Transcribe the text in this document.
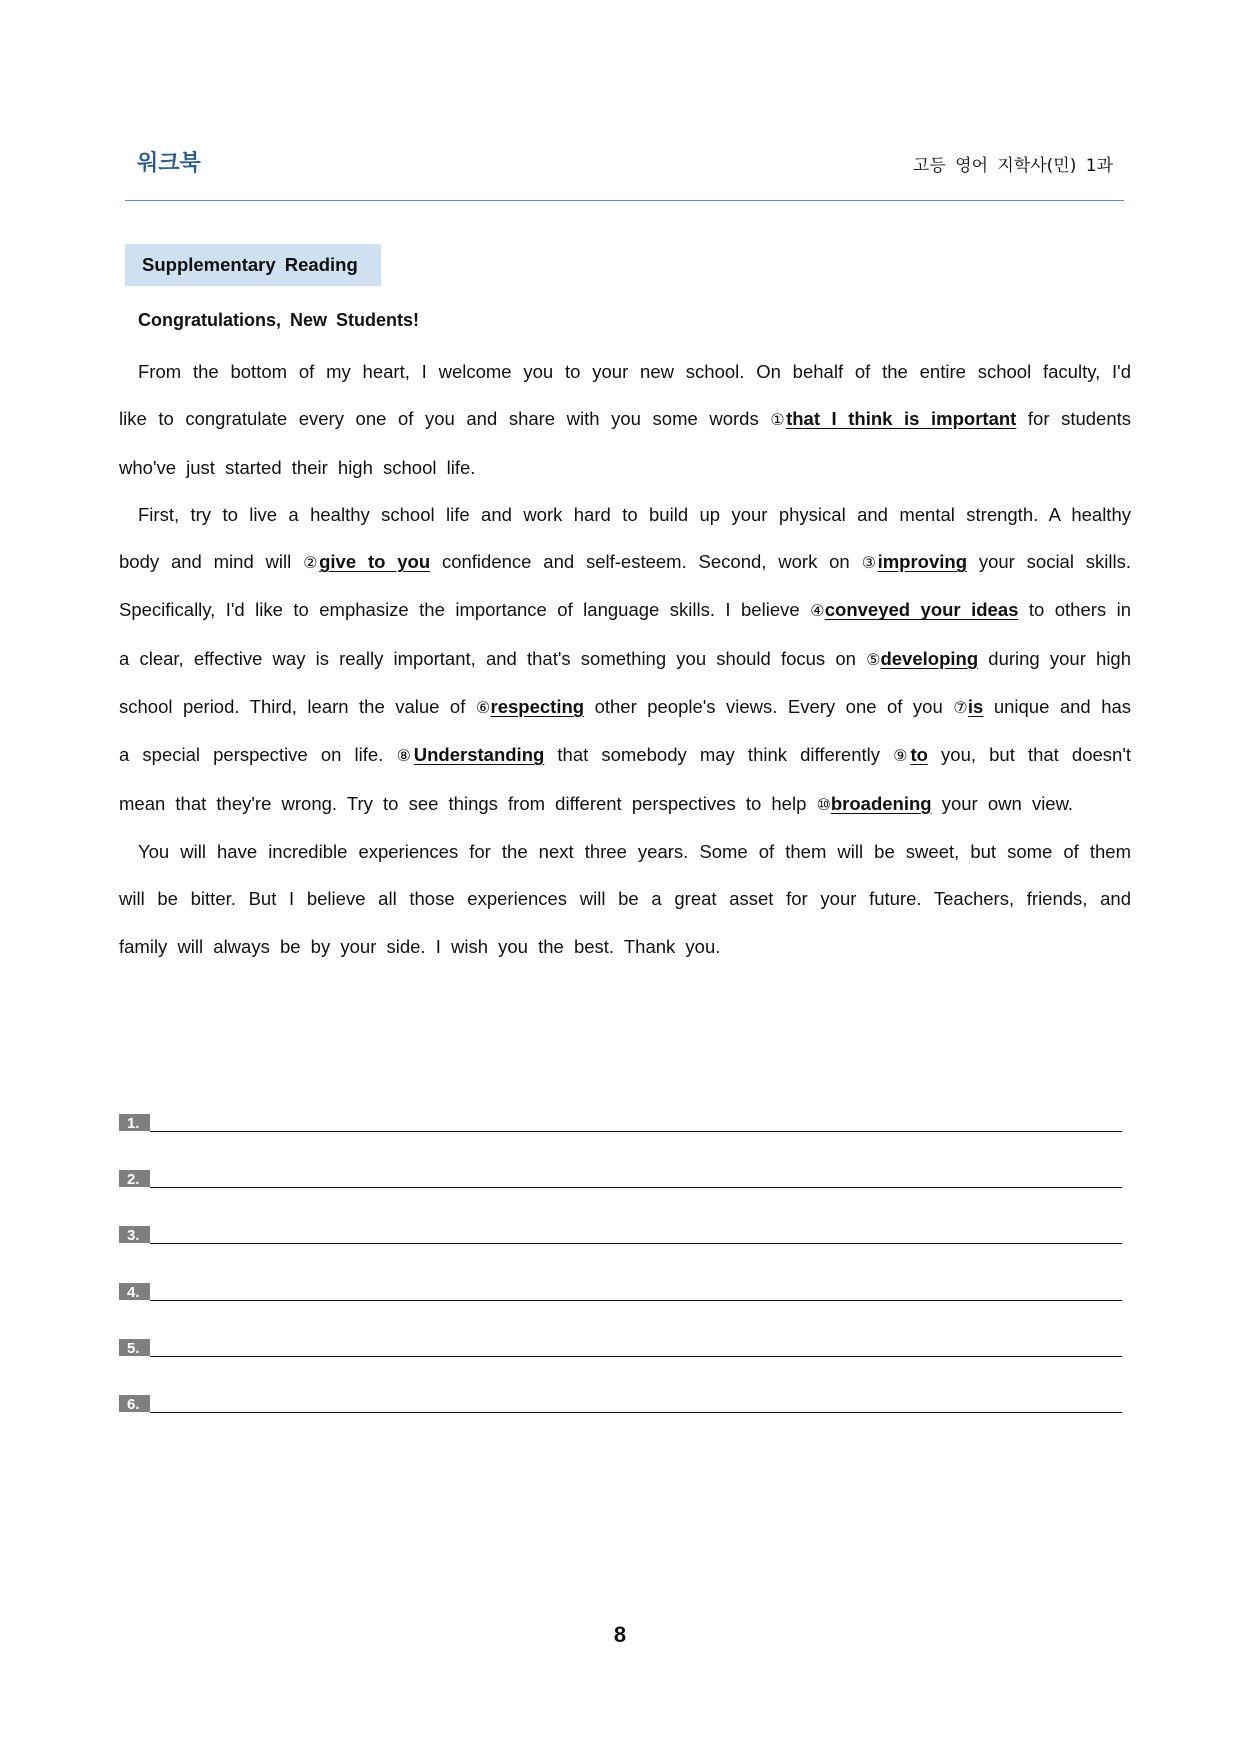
워크북	고등 영어 지학사(민) 1과
Supplementary Reading
Congratulations, New Students!

From the bottom of my heart, I welcome you to your new school. On behalf of the entire school faculty, I'd like to congratulate every one of you and share with you some words ①that I think is important for students who've just started their high school life.

First, try to live a healthy school life and work hard to build up your physical and mental strength. A healthy body and mind will ②give to you confidence and self-esteem. Second, work on ③improving your social skills. Specifically, I'd like to emphasize the importance of language skills. I believe ④conveyed your ideas to others in a clear, effective way is really important, and that's something you should focus on ⑤developing during your high school period. Third, learn the value of ⑥respecting other people's views. Every one of you ⑦is unique and has a special perspective on life. ⑧Understanding that somebody may think differently ⑨to you, but that doesn't mean that they're wrong. Try to see things from different perspectives to help ⑩broadening your own view.

You will have incredible experiences for the next three years. Some of them will be sweet, but some of them will be bitter. But I believe all those experiences will be a great asset for your future. Teachers, friends, and family will always be by your side. I wish you the best. Thank you.

1.
2.
3.
4.
5.
6.
8
